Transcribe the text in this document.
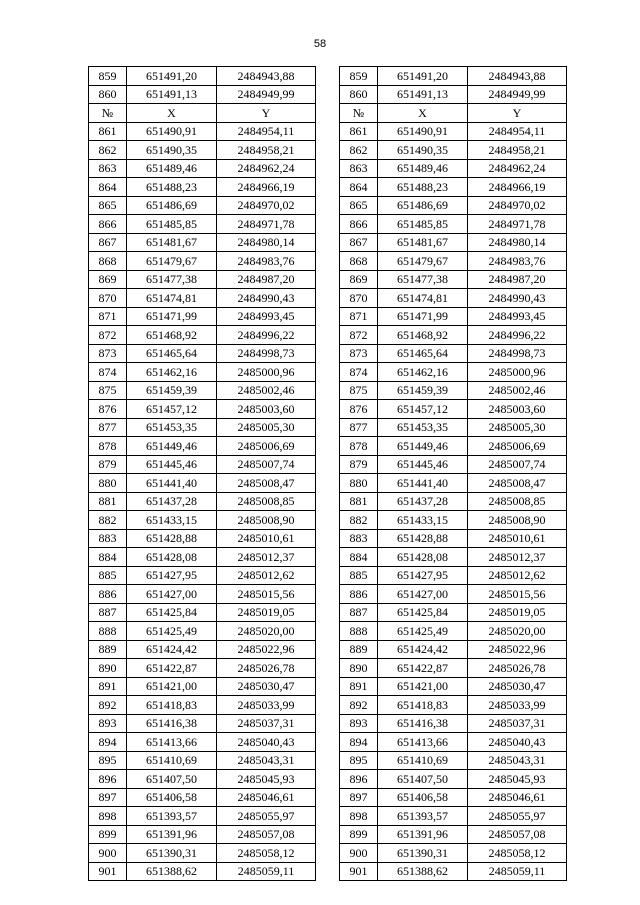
58
859	651491,20	2484943,88		859	651491,20	2484943,88
860	651491,13	2484949,99		860	651491,13	2484949,99
№	X	Y		№	X	Y
861	651490,91	2484954,11		861	651490,91	2484954,11
862	651490,35	2484958,21		862	651490,35	2484958,21
863	651489,46	2484962,24		863	651489,46	2484962,24
864	651488,23	2484966,19		864	651488,23	2484966,19
865	651486,69	2484970,02		865	651486,69	2484970,02
866	651485,85	2484971,78		866	651485,85	2484971,78
867	651481,67	2484980,14		867	651481,67	2484980,14
868	651479,67	2484983,76		868	651479,67	2484983,76
869	651477,38	2484987,20		869	651477,38	2484987,20
870	651474,81	2484990,43		870	651474,81	2484990,43
871	651471,99	2484993,45		871	651471,99	2484993,45
872	651468,92	2484996,22		872	651468,92	2484996,22
873	651465,64	2484998,73		873	651465,64	2484998,73
874	651462,16	2485000,96		874	651462,16	2485000,96
875	651459,39	2485002,46		875	651459,39	2485002,46
876	651457,12	2485003,60		876	651457,12	2485003,60
877	651453,35	2485005,30		877	651453,35	2485005,30
878	651449,46	2485006,69		878	651449,46	2485006,69
879	651445,46	2485007,74		879	651445,46	2485007,74
880	651441,40	2485008,47		880	651441,40	2485008,47
881	651437,28	2485008,85		881	651437,28	2485008,85
882	651433,15	2485008,90		882	651433,15	2485008,90
883	651428,88	2485010,61		883	651428,88	2485010,61
884	651428,08	2485012,37		884	651428,08	2485012,37
885	651427,95	2485012,62		885	651427,95	2485012,62
886	651427,00	2485015,56		886	651427,00	2485015,56
887	651425,84	2485019,05		887	651425,84	2485019,05
888	651425,49	2485020,00		888	651425,49	2485020,00
889	651424,42	2485022,96		889	651424,42	2485022,96
890	651422,87	2485026,78		890	651422,87	2485026,78
891	651421,00	2485030,47		891	651421,00	2485030,47
892	651418,83	2485033,99		892	651418,83	2485033,99
893	651416,38	2485037,31		893	651416,38	2485037,31
894	651413,66	2485040,43		894	651413,66	2485040,43
895	651410,69	2485043,31		895	651410,69	2485043,31
896	651407,50	2485045,93		896	651407,50	2485045,93
897	651406,58	2485046,61		897	651406,58	2485046,61
898	651393,57	2485055,97		898	651393,57	2485055,97
899	651391,96	2485057,08		899	651391,96	2485057,08
900	651390,31	2485058,12		900	651390,31	2485058,12
901	651388,62	2485059,11		901	651388,62	2485059,11
